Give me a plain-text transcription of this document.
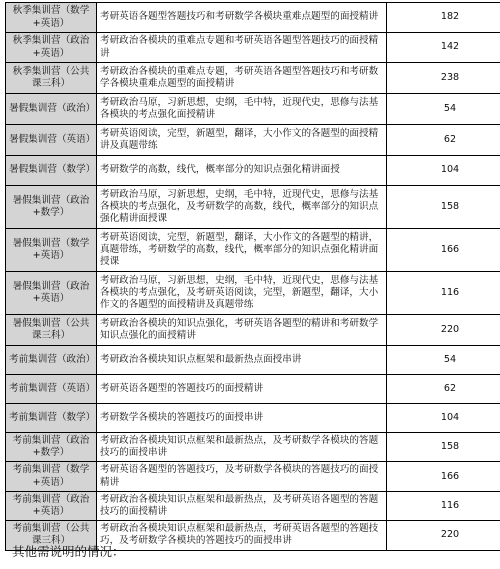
秋季集训营（数学+英语）	考研英语各题型答题技巧和考研数学各模块重难点题型的面授精讲	182
秋季集训营（政治+英语）	考研政治各模块的重难点专题和考研英语各题型答题技巧的面授精讲	142
秋季集训营（公共课三科）	考研政治各模块的重难点专题，考研英语各题型答题技巧和考研数学各模块重难点题型的面授精讲	238
暑假集训营（政治）	考研政治马原，习新思想，史纲，毛中特，近现代史，思修与法基各模块的考点强化面授精讲	54
暑假集训营（英语）	考研英语阅读，完型，新题型，翻译，大小作文的各题型的面授精讲及真题带练	62
暑假集训营（数学）	考研数学的高数，线代，概率部分的知识点强化精讲面授	104
暑假集训营（政治+数学）	考研政治马原，习新思想，史纲，毛中特，近现代史，思修与法基各模块的考点强化，及考研数学的高数，线代，概率部分的知识点强化精讲面授课	158
暑假集训营（数学+英语）	考研英语阅读，完型，新题型，翻译，大小作文的各题型的精讲，真题带练，考研数学的高数，线代，概率部分的知识点强化精讲面授课	166
暑假集训营（政治+英语）	考研政治马原，习新思想，史纲，毛中特，近现代史，思修与法基各模块的考点强化，及考研英语阅读，完型，新题型，翻译，大小作文的各题型的面授精讲及真题带练	116
暑假集训营（公共课三科）	考研政治各模块的知识点强化，考研英语各题型的精讲和考研数学知识点强化的面授精讲	220
考前集训营（政治）	考研政治各模块知识点框架和最新热点面授串讲	54
考前集训营（英语）	考研英语各题型的答题技巧的面授精讲	62
考前集训营（数学）	考研数学各模块的答题技巧的面授串讲	104
考前集训营（政治+数学）	考研政治各模块知识点框架和最新热点，及考研数学各模块的答题技巧的面授串讲	158
考前集训营（数学+英语）	考研英语各题型的答题技巧，及考研数学各模块的答题技巧的面授精讲	166
考前集训营（政治+英语）	考研政治各模块知识点框架和最新热点，及考研英语各题型的答题技巧的面授精讲	116
考前集训营（公共课三科）	考研政治各模块知识点框架和最新热点，考研英语各题型的答题技巧，及考研数学各模块的答题技巧的面授串讲	220
其他需说明的情况：
